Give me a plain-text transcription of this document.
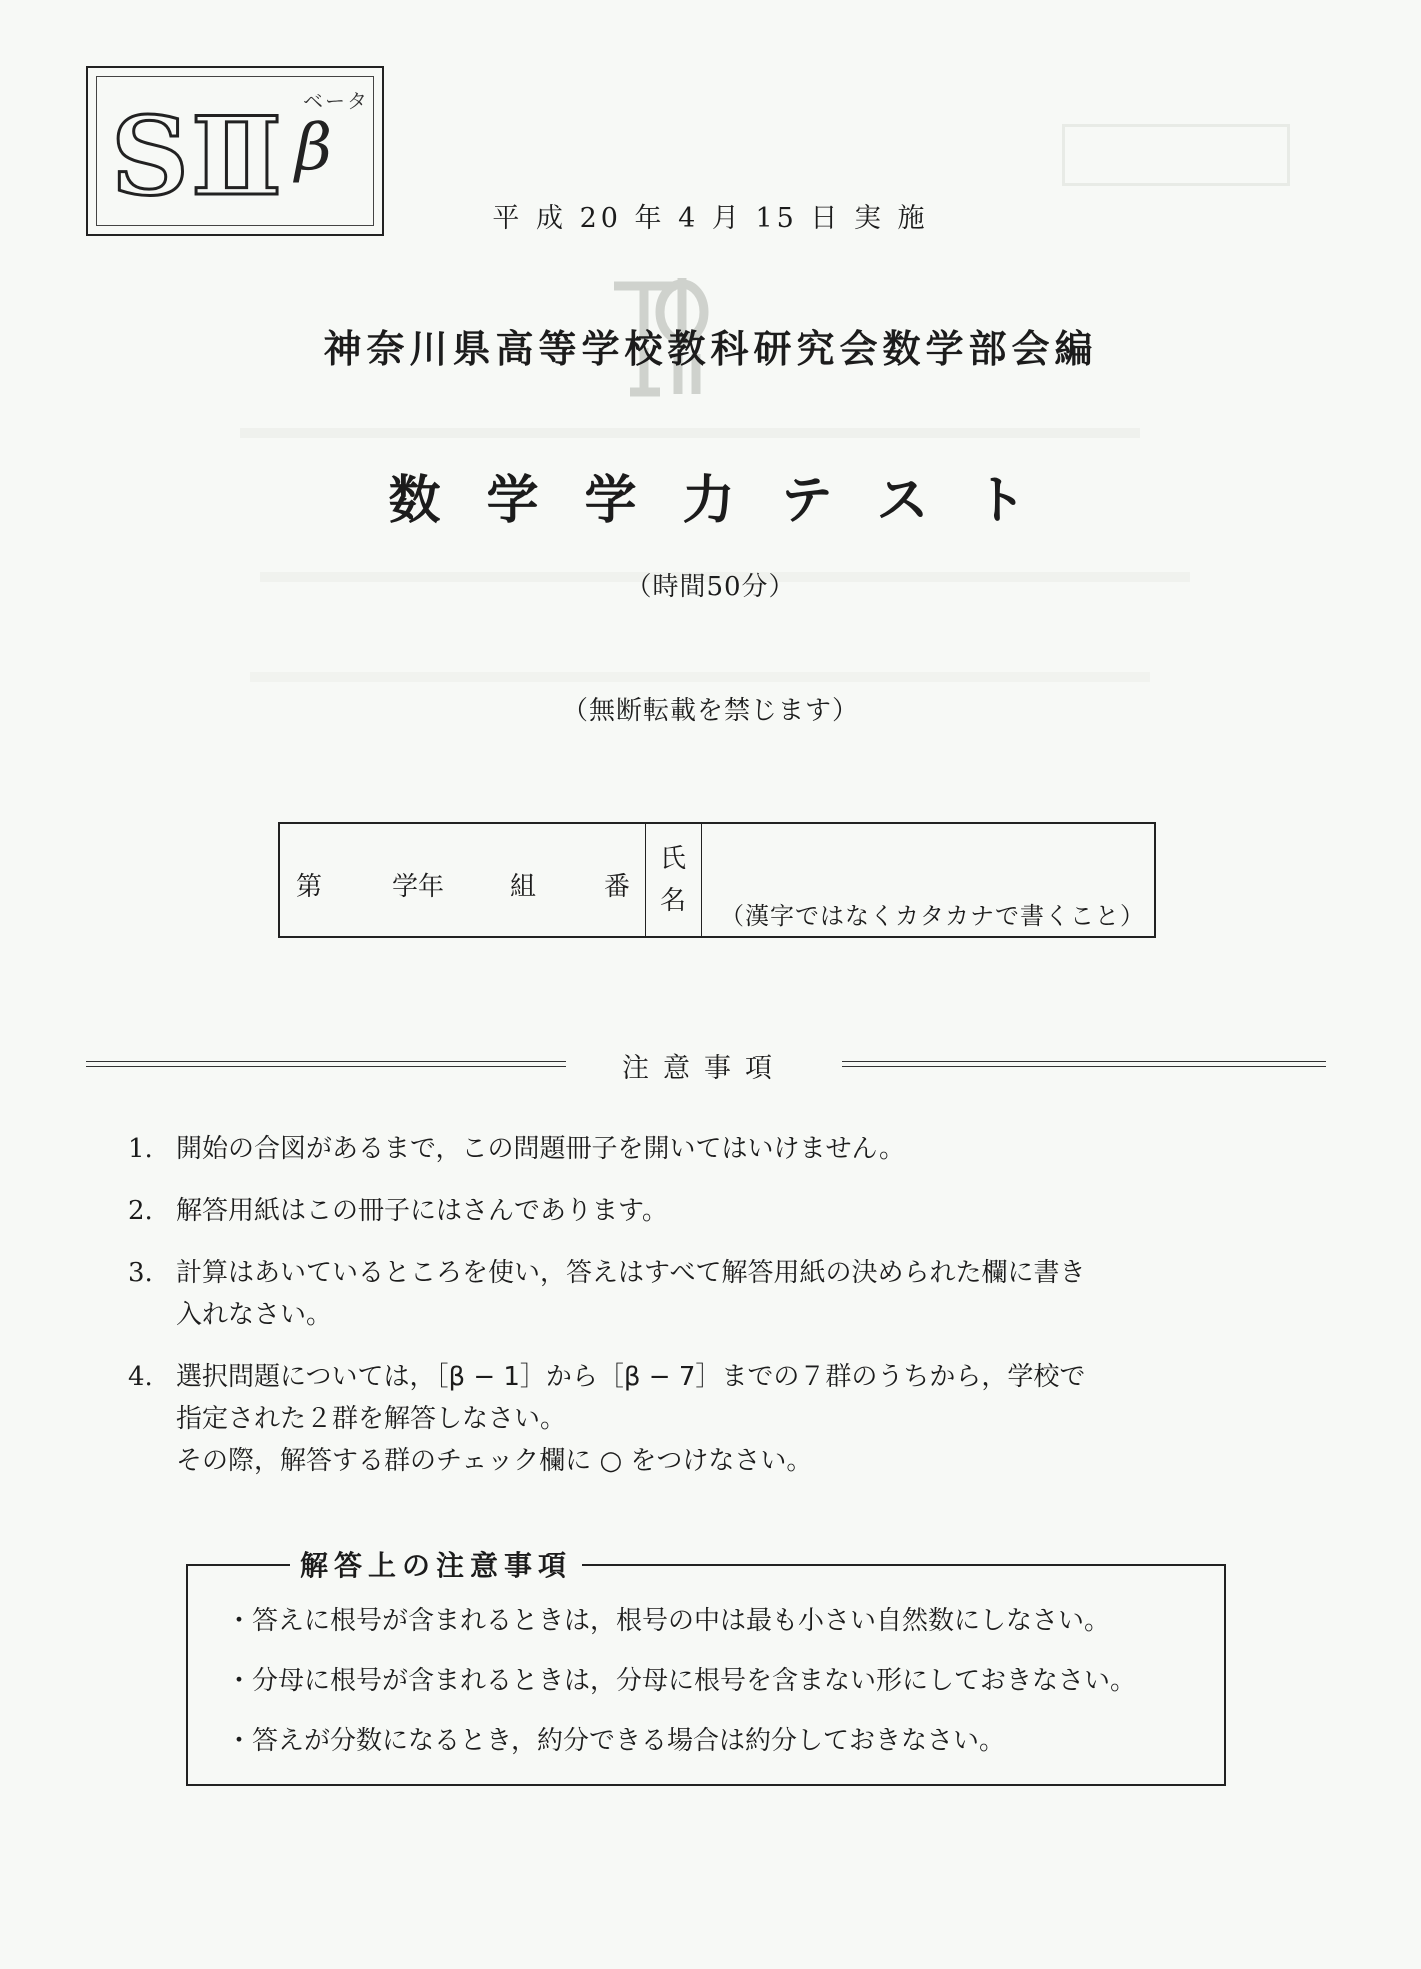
ベータ
SⅡ β
平 成 20 年 4 月 15 日 実 施
神奈川県高等学校教科研究会数学部会編
数学学力テスト
（時間50分）
（無断転載を禁じます）
第	学年	組	番
氏
名 （漢字ではなくカタカナで書くこと）
注意事項
1. 開始の合図があるまで，この問題冊子を開いてはいけません。
2. 解答用紙はこの冊子にはさんであります。
3. 計算はあいているところを使い，答えはすべて解答用紙の決められた欄に書き
入れなさい。
4. 選択問題については，［β − 1］から［β − 7］までの７群のうちから，学校で
指定された２群を解答しなさい。
その際，解答する群のチェック欄に ○ をつけなさい。
解答上の注意事項
・答えに根号が含まれるときは，根号の中は最も小さい自然数にしなさい。
・分母に根号が含まれるときは，分母に根号を含まない形にしておきなさい。
・答えが分数になるとき，約分できる場合は約分しておきなさい。
